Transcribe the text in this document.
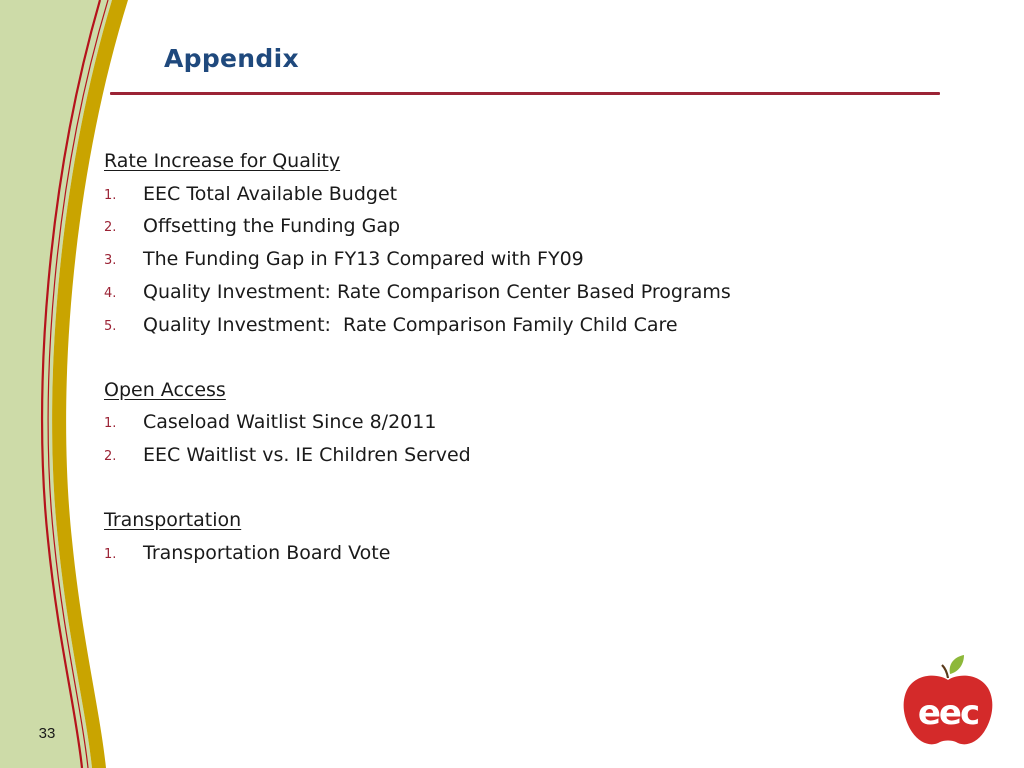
Appendix
Rate Increase for Quality
1. EEC Total Available Budget
2. Offsetting the Funding Gap
3. The Funding Gap in FY13 Compared with FY09
4. Quality Investment: Rate Comparison Center Based Programs
5. Quality Investment:  Rate Comparison Family Child Care
Open Access
1. Caseload Waitlist Since 8/2011
2. EEC Waitlist vs. IE Children Served
Transportation
1. Transportation Board Vote
33
eec
